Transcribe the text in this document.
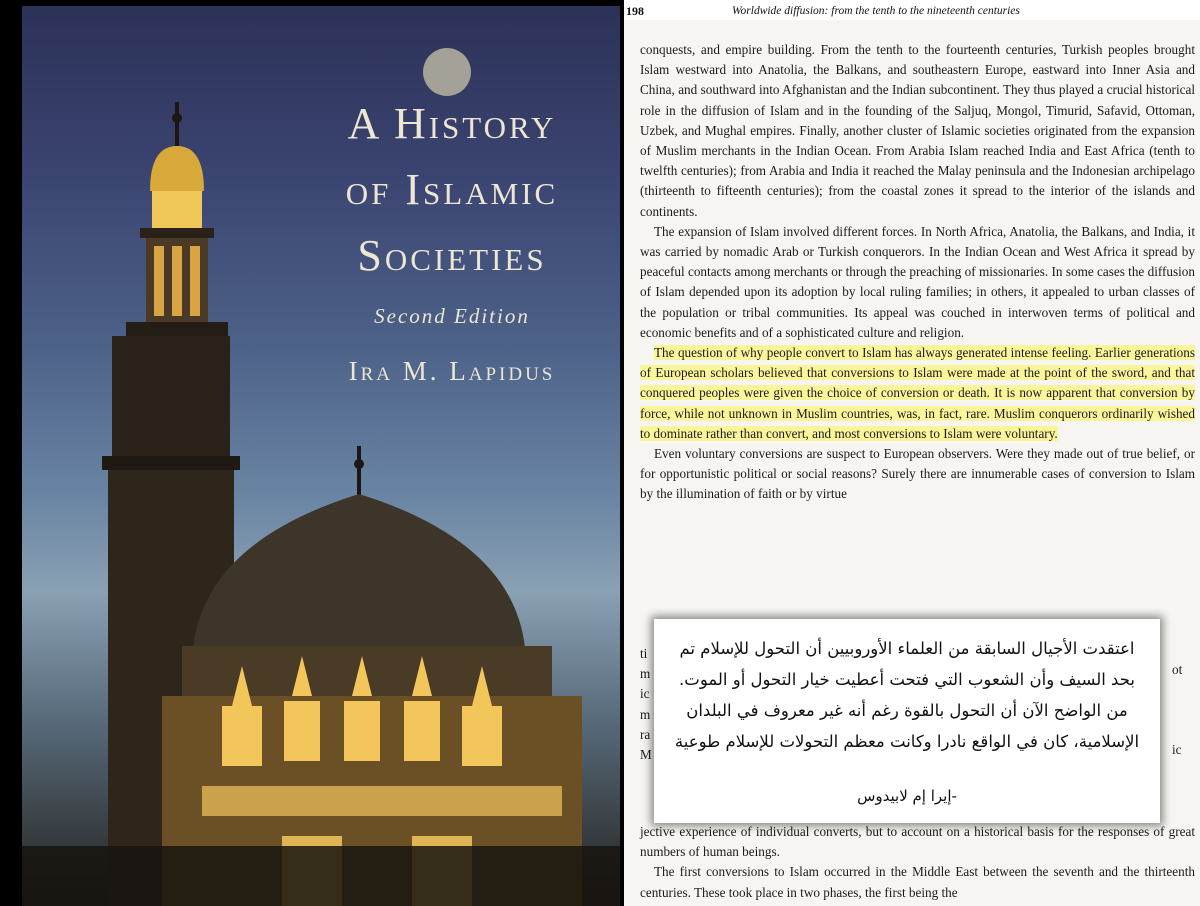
A History
of Islamic
Societies
Second Edition
Ira M. Lapidus
198	Worldwide diffusion: from the tenth to the nineteenth centuries

conquests, and empire building. From the tenth to the fourteenth centuries, Turkish peoples brought Islam westward into Anatolia, the Balkans, and southeastern Europe, eastward into Inner Asia and China, and southward into Afghanistan and the Indian subcontinent. They thus played a crucial historical role in the diffusion of Islam and in the founding of the Saljuq, Mongol, Timurid, Safavid, Ottoman, Uzbek, and Mughal empires. Finally, another cluster of Islamic societies originated from the expansion of Muslim merchants in the Indian Ocean. From Arabia Islam reached India and East Africa (tenth to twelfth centuries); from Arabia and India it reached the Malay peninsula and the Indonesian archipelago (thirteenth to fifteenth centuries); from the coastal zones it spread to the interior of the islands and continents.

The expansion of Islam involved different forces. In North Africa, Anatolia, the Balkans, and India, it was carried by nomadic Arab or Turkish conquerors. In the Indian Ocean and West Africa it spread by peaceful contacts among merchants or through the preaching of missionaries. In some cases the diffusion of Islam depended upon its adoption by local ruling families; in others, it appealed to urban classes of the population or tribal communities. Its appeal was couched in interwoven terms of political and economic benefits and of a sophisticated culture and religion.

The question of why people convert to Islam has always generated intense feeling. Earlier generations of European scholars believed that conversions to Islam were made at the point of the sword, and that conquered peoples were given the choice of conversion or death. It is now apparent that conversion by force, while not unknown in Muslim countries, was, in fact, rare. Muslim conquerors ordinarily wished to dominate rather than convert, and most conversions to Islam were voluntary.

Even voluntary conversions are suspect to European observers. Were they made out of true belief, or for opportunistic political or social reasons? Surely there are innumerable cases of conversion to Islam by the illumination of faith or by virtue

ti
m
ic
m
ra
M
ot
ic

jective experience of individual converts, but to account on a historical basis for the responses of great numbers of human beings.

The first conversions to Islam occurred in the Middle East between the seventh and the thirteenth centuries. These took place in two phases, the first being the

اعتقدت الأجيال السابقة من العلماء الأوروبيين أن التحول للإسلام تم بحد السيف وأن الشعوب التي فتحت أعطيت خيار التحول أو الموت. من الواضح الآن أن التحول بالقوة رغم أنه غير معروف في البلدان الإسلامية، كان في الواقع نادرا وكانت معظم التحولات للإسلام طوعية

-إيرا إم لابيدوس
